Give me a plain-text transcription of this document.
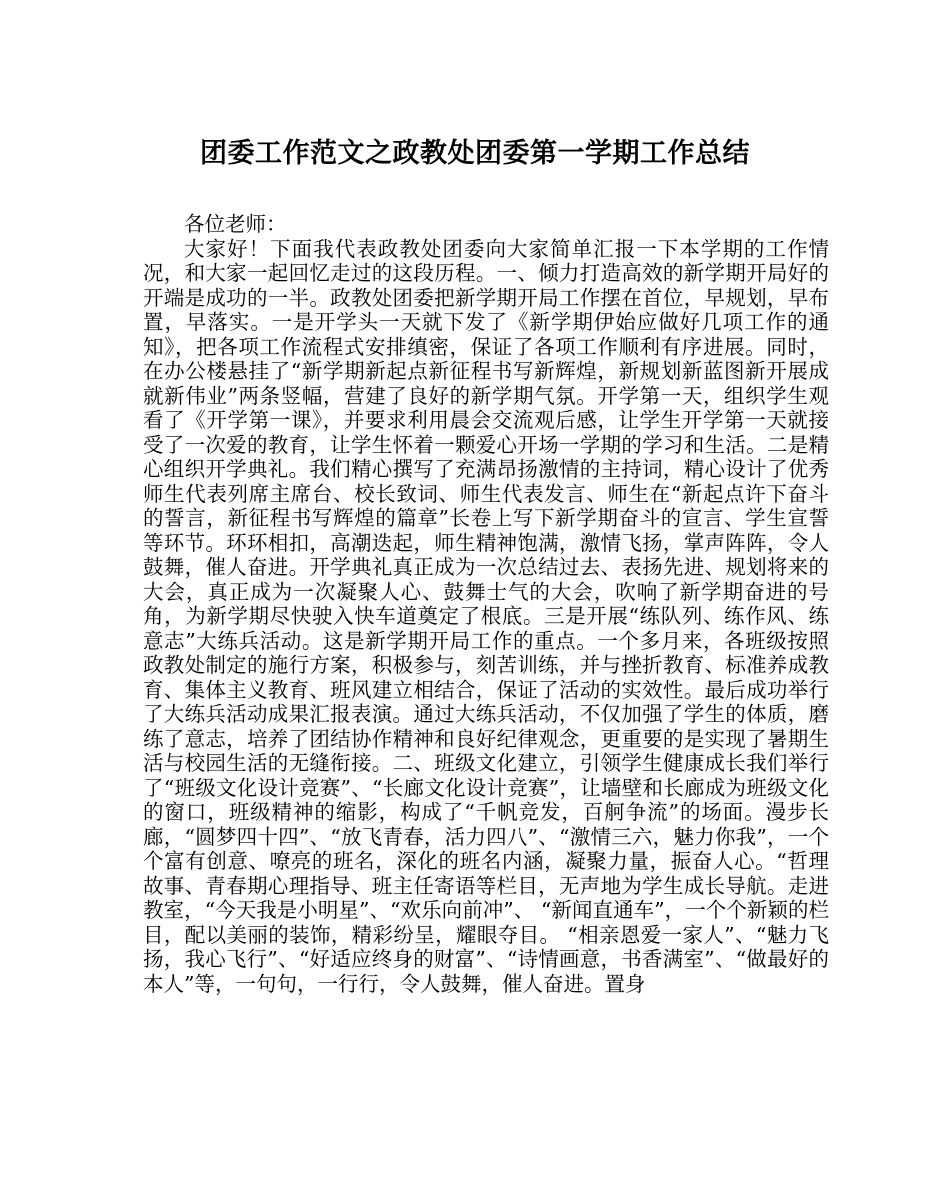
团委工作范文之政教处团委第一学期工作总结

各位老师：

大家好！下面我代表政教处团委向大家简单汇报一下本学期的工作情况，和大家一起回忆走过的这段历程。一、倾力打造高效的新学期开局好的开端是成功的一半。政教处团委把新学期开局工作摆在首位，早规划，早布置，早落实。一是开学头一天就下发了《新学期伊始应做好几项工作的通知》，把各项工作流程式安排缜密，保证了各项工作顺利有序进展。同时，在办公楼悬挂了“新学期新起点新征程书写新辉煌，新规划新蓝图新开展成就新伟业”两条竖幅，营建了良好的新学期气氛。开学第一天，组织学生观看了《开学第一课》，并要求利用晨会交流观后感，让学生开学第一天就接受了一次爱的教育，让学生怀着一颗爱心开场一学期的学习和生活。二是精心组织开学典礼。我们精心撰写了充满昂扬激情的主持词，精心设计了优秀师生代表列席主席台、校长致词、师生代表发言、师生在“新起点许下奋斗的誓言，新征程书写辉煌的篇章”长卷上写下新学期奋斗的宣言、学生宣誓等环节。环环相扣，高潮迭起，师生精神饱满，激情飞扬，掌声阵阵，令人鼓舞，催人奋进。开学典礼真正成为一次总结过去、表扬先进、规划将来的大会，真正成为一次凝聚人心、鼓舞士气的大会，吹响了新学期奋进的号角，为新学期尽快驶入快车道奠定了根底。三是开展“练队列、练作风、练意志”大练兵活动。这是新学期开局工作的重点。一个多月来，各班级按照政教处制定的施行方案，积极参与，刻苦训练，并与挫折教育、标准养成教育、集体主义教育、班风建立相结合，保证了活动的实效性。最后成功举行了大练兵活动成果汇报表演。通过大练兵活动，不仅加强了学生的体质，磨练了意志，培养了团结协作精神和良好纪律观念，更重要的是实现了暑期生活与校园生活的无缝衔接。二、班级文化建立，引领学生健康成长我们举行了“班级文化设计竞赛”、“长廊文化设计竞赛”，让墙壁和长廊成为班级文化的窗口，班级精神的缩影，构成了“千帆竞发，百舸争流”的场面。漫步长廊，“圆梦四十四”、“放飞青春，活力四八”、“激情三六，魅力你我”，一个个富有创意、嘹亮的班名，深化的班名内涵，凝聚力量，振奋人心。“哲理故事、青春期心理指导、班主任寄语等栏目，无声地为学生成长导航。走进教室，“今天我是小明星”、“欢乐向前冲”、 “新闻直通车”，一个个新颖的栏目，配以美丽的装饰，精彩纷呈，耀眼夺目。 “相亲恩爱一家人”、“魅力飞扬，我心飞行”、“好适应终身的财富”、“诗情画意，书香满室”、“做最好的本人”等，一句句，一行行，令人鼓舞，催人奋进。置身
